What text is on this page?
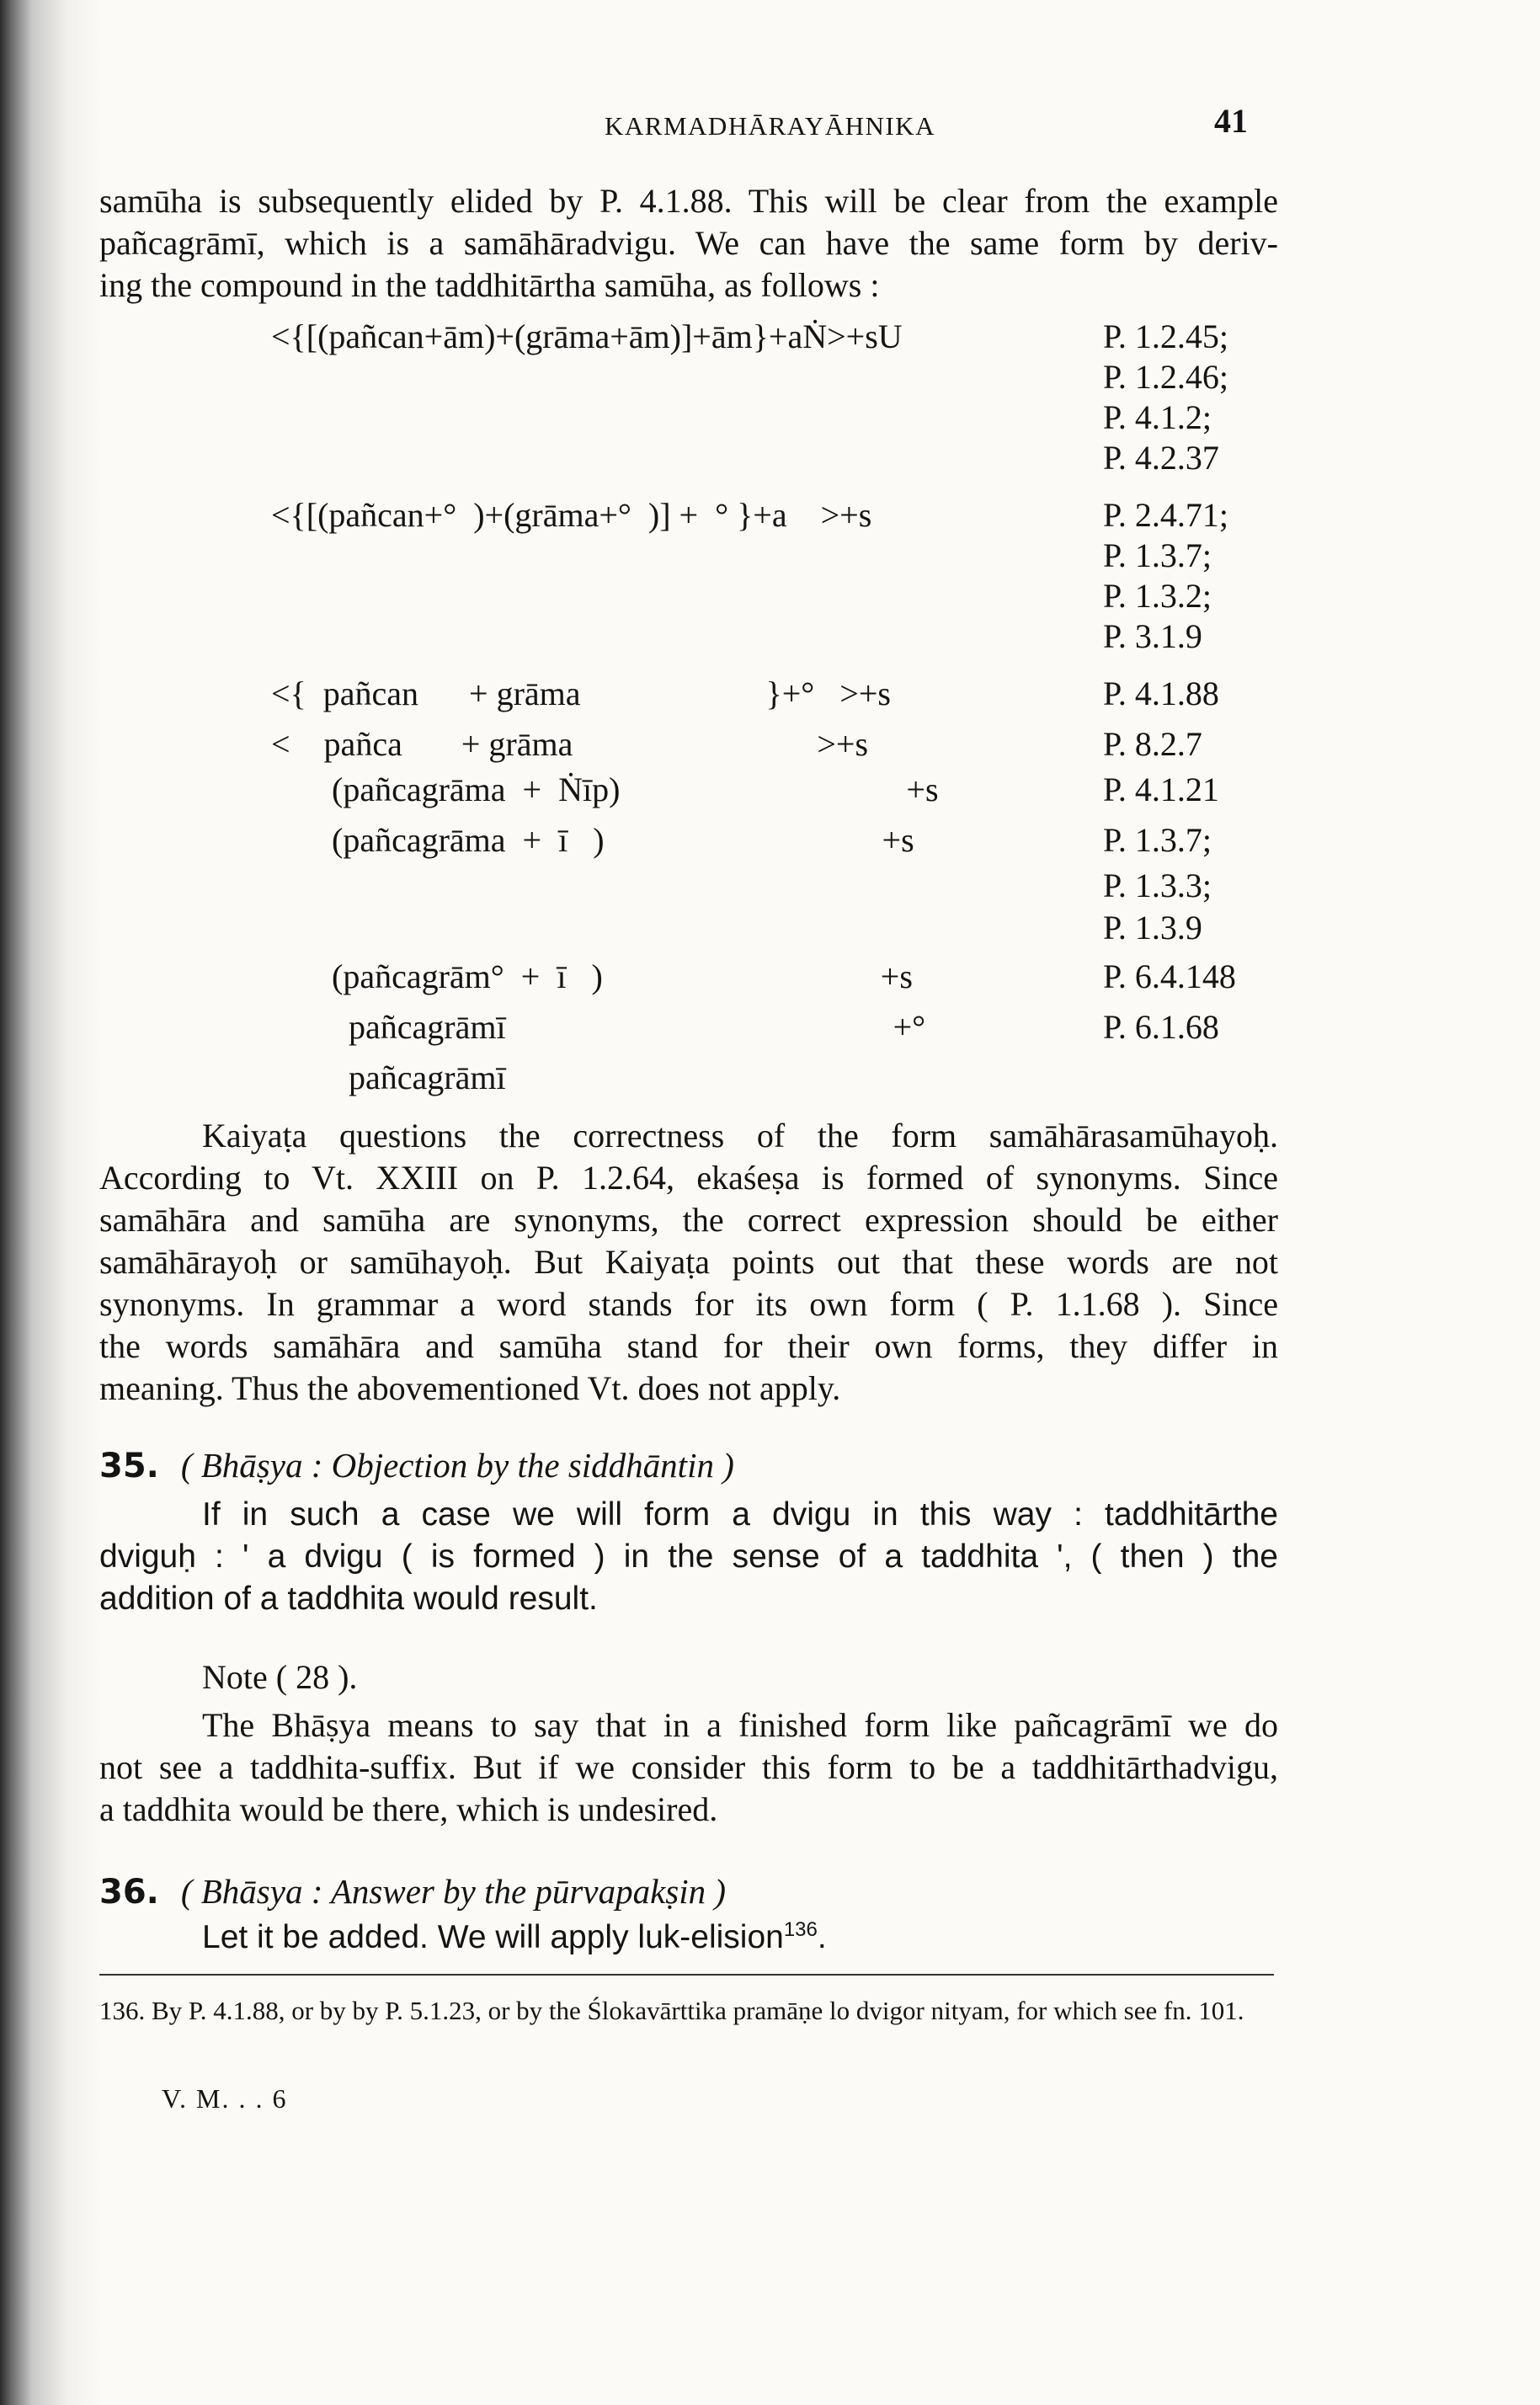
KARMADHĀRAYĀHNIKA	41
samūha is subsequently elided by P. 4.1.88. This will be clear from the example
pañcagrāmī, which is a samāhāradvigu. We can have the same form by deriv-
ing the compound in the taddhitārtha samūha, as follows :
<{[(pañcan+ām)+(grāma+ām)]+ām}+aṄ>+sU	P. 1.2.45;
P. 1.2.46;
P. 4.1.2;
P. 4.2.37
<{[(pañcan+°  )+(grāma+°  )] +  ° }+a    >+s	P. 2.4.71;
P. 1.3.7;
P. 1.3.2;
P. 3.1.9
<{  pañcan      + grāma                      }+°   >+s	P. 4.1.88
<    pañca       + grāma                             >+s	P. 8.2.7
(pañcagrāma  +  Ṅīp)                                  +s	P. 4.1.21
(pañcagrāma  +  ī   )                                 +s	P. 1.3.7;
P. 1.3.3;
P. 1.3.9
(pañcagrām°  +  ī   )                                 +s	P. 6.4.148
pañcagrāmī                                              +°	P. 6.1.68
pañcagrāmī
Kaiyaṭa questions the correctness of the form samāhārasamūhayoḥ.
According to Vt. XXIII on P. 1.2.64, ekaśeṣa is formed of synonyms. Since
samāhāra and samūha are synonyms, the correct expression should be either
samāhārayoḥ or samūhayoḥ. But Kaiyaṭa points out that these words are not
synonyms. In grammar a word stands for its own form ( P. 1.1.68 ). Since
the words samāhāra and samūha stand for their own forms, they differ in
meaning. Thus the abovementioned Vt. does not apply.
35. ( Bhāṣya : Objection by the siddhāntin )
If in such a case we will form a dvigu in this way : taddhitārthe
dviguḥ : ' a dvigu ( is formed ) in the sense of a taddhita ', ( then ) the
addition of a taddhita would result.
Note ( 28 ).
The Bhāṣya means to say that in a finished form like pañcagrāmī we do
not see a taddhita-suffix. But if we consider this form to be a taddhitārthadvigu,
a taddhita would be there, which is undesired.
36. ( Bhāsya : Answer by the pūrvapakṣin )
Let it be added. We will apply luk-elision$^{136}$.
136. By P. 4.1.88, or by by P. 5.1.23, or by the Ślokavārttika pramāṇe lo dvigor nityam, for which see fn. 101.
V. M. . . 6
